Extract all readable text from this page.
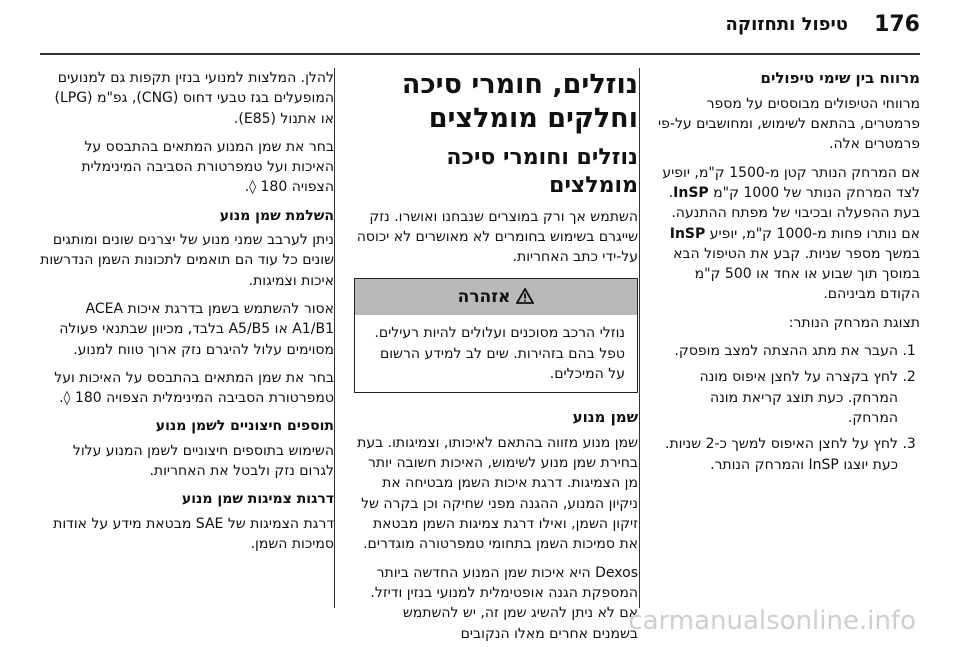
176
טיפול ותחזוקה
מרווח בין שימי טיפולים

מרווחי הטיפולים מבוססים על מספר פרמטרים, בהתאם לשימוש, ומחושבים על-פי פרמטרים אלה.

אם המרחק הנותר קטן מ-1500 ק"מ, יופיע לצד המרחק הנותר של 1000 ק"מ InSP. בעת ההפעלה ובכיבוי של מפתח ההתנעה. אם נותרו פחות מ-1000 ק"מ, יופיע InSP במשך מספר שניות. קבע את הטיפול הבא במוסך תוך שבוע או אחד או 500 ק"מ הקודם מביניהם.

תצוגת המרחק הנותר:

1. העבר את מתג ההצתה למצב מופסק.
2. לחץ בקצרה על לחצן איפוס מונה המרחק. כעת תוצג קריאת מונה המרחק.
3. לחץ על לחצן האיפוס למשך כ-2 שניות. כעת יוצגו InSP והמרחק הנותר.
נוזלים, חומרי סיכה וחלקים מומלצים
נוזלים וחומרי סיכה מומלצים

השתמש אך ורק במוצרים שנבחנו ואושרו. נזק שייגרם בשימוש בחומרים לא מאושרים לא יכוסה על-ידי כתב האחריות.

אזהרה
נוזלי הרכב מסוכנים ועלולים להיות רעילים. טפל בהם בזהירות. שים לב למידע הרשום על המיכלים.
שמן מנוע

שמן מנוע מזווה בהתאם לאיכותו, וצמיגותו. בעת בחירת שמן מנוע לשימוש, האיכות חשובה יותר מן הצמיגות. דרגת איכות השמן מבטיחה את ניקיון המנוע, ההגנה מפני שחיקה וכן בקרה של זיקון השמן, ואילו דרגת צמיגות השמן מבטאת את סמיכות השמן בתחומי טמפרטורה מוגדרים.

Dexos היא איכות שמן המנוע החדשה ביותר המספקת הגנה אופטימלית למנועי בנזין ודיזל. אם לא ניתן להשיג שמן זה, יש להשתמש בשמנים אחרים מאלו הנקובים

להלן. המלצות למנועי בנזין תקפות גם למנועים המופעלים בגז טבעי דחוס (CNG), גפ"מ (LPG) או אתנול (E85).

בחר את שמן המנוע המתאים בהתבסס על האיכות ועל טמפרטורת הסביבה המינימלית הצפויה 180 ◊.

השלמת שמן מנוע

ניתן לערבב שמני מנוע של יצרנים שונים ומותגים שונים כל עוד הם תואמים לתכונות השמן הנדרשות איכות וצמיגות.

אסור להשתמש בשמן בדרגת איכות ACEA A1/B1 או A5/B5 בלבד, מכיוון שבתנאי פעולה מסוימים עלול להיגרם נזק ארוך טווח למנוע.

בחר את שמן המתאים בהתבסס על האיכות ועל טמפרטורת הסביבה המינימלית הצפויה 180 ◊.

תוספים חיצוניים לשמן מנוע

השימוש בתוספים חיצוניים לשמן המנוע עלול לגרום נזק ולבטל את האחריות.

דרגות צמיגות שמן מנוע

דרגת הצמיגות של SAE מבטאת מידע על אודות סמיכות השמן.

carmanualsonline.info
